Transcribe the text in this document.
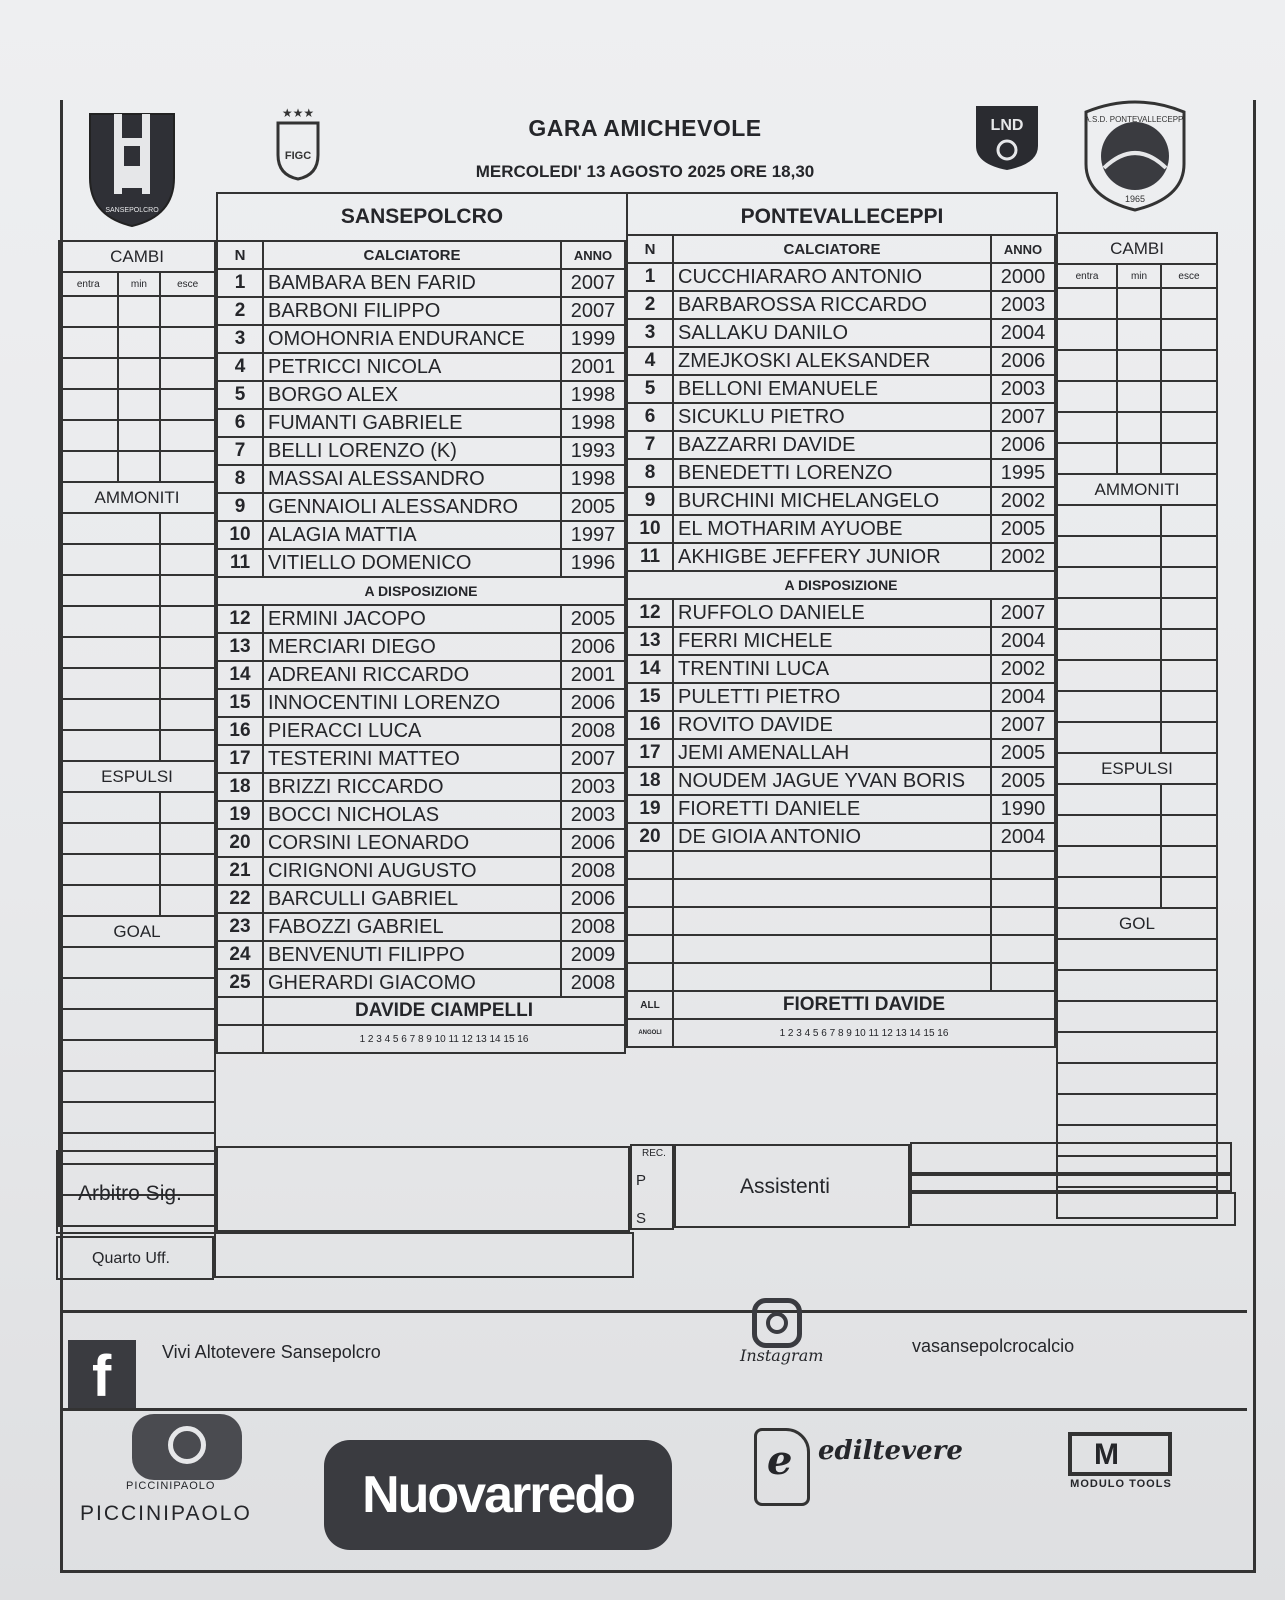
SANSEPOLCRO
★★★
FIGC
LND	A.S.D. PONTEVALLECEPPI
1965
GARA AMICHEVOLE
MERCOLEDI' 13 AGOSTO 2025 ORE 18,30
SANSEPOLCRO	PONTEVALLECEPPI
CAMBI		
entra	min	esce

AMMONITI		

ESPULSI		

GOAL		

N	CALCIATORE	ANNO
1	BAMBARA BEN FARID	2007
2	BARBONI FILIPPO	2007
3	OMOHONRIA ENDURANCE	1999
4	PETRICCI NICOLA	2001
5	BORGO ALEX	1998
6	FUMANTI GABRIELE	1998
7	BELLI LORENZO (K)	1993
8	MASSAI ALESSANDRO	1998
9	GENNAIOLI ALESSANDRO	2005
10	ALAGIA MATTIA	1997
11	VITIELLO DOMENICO	1996
A DISPOSIZIONE		
12	ERMINI JACOPO	2005
13	MERCIARI DIEGO	2006
14	ADREANI RICCARDO	2001
15	INNOCENTINI LORENZO	2006
16	PIERACCI LUCA	2008
17	TESTERINI MATTEO	2007
18	BRIZZI RICCARDO	2003
19	BOCCI NICHOLAS	2003
20	CORSINI LEONARDO	2006
21	CIRIGNONI AUGUSTO	2008
22	BARCULLI GABRIEL	2006
23	FABOZZI GABRIEL	2008
24	BENVENUTI FILIPPO	2009
25	GHERARDI GIACOMO	2008
	DAVIDE CIAMPELLI	
	1 2 3 4 5 6 7 8 9 10 11 12 13 14 15 16	
N	CALCIATORE	ANNO
1	CUCCHIARARO ANTONIO	2000
2	BARBAROSSA RICCARDO	2003
3	SALLAKU DANILO	2004
4	ZMEJKOSKI ALEKSANDER	2006
5	BELLONI EMANUELE	2003
6	SICUKLU PIETRO	2007
7	BAZZARRI DAVIDE	2006
8	BENEDETTI LORENZO	1995
9	BURCHINI MICHELANGELO	2002
10	EL MOTHARIM AYUOBE	2005
11	AKHIGBE JEFFERY JUNIOR	2002
A DISPOSIZIONE		
12	RUFFOLO DANIELE	2007
13	FERRI MICHELE	2004
14	TRENTINI LUCA	2002
15	PULETTI PIETRO	2004
16	ROVITO DAVIDE	2007
17	JEMI AMENALLAH	2005
18	NOUDEM JAGUE YVAN BORIS	2005
19	FIORETTI DANIELE	1990
20	DE GIOIA ANTONIO	2004

ALL	FIORETTI DAVIDE	
ANGOLI	1 2 3 4 5 6 7 8 9 10 11 12 13 14 15 16	
CAMBI		
entra	min	esce

AMMONITI		

ESPULSI		

GOL		

Arbitro Sig.
REC.
P
S
Assistenti
Quarto Uff.
f	Vivi Altotevere Sansepolcro	Instagram	vasansepolcrocalcio
PICCINIPAOLO
PICCINIPAOLO	Nuovarredo
e ediltevere	M
MODULO TOOLS
